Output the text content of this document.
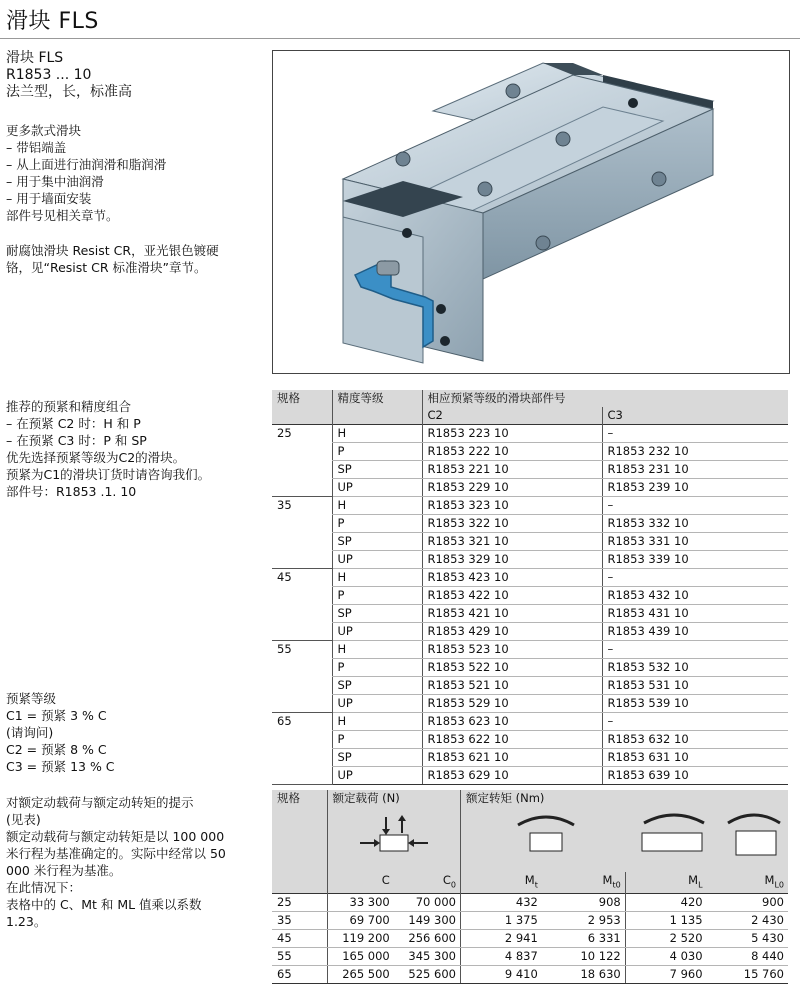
滑块 FLS
滑块 FLS
R1853 ... 10
法兰型，长，标准高
更多款式滑块
– 带铝端盖
– 从上面进行油润滑和脂润滑
– 用于集中油润滑
– 用于墙面安装
部件号见相关章节。
耐腐蚀滑块 Resist CR，亚光银色镀硬
铬，见“Resist CR 标准滑块”章节。
推荐的预紧和精度组合
– 在预紧 C2 时：H 和 P
– 在预紧 C3 时：P 和 SP
优先选择预紧等级为C2的滑块。
预紧为C1的滑块订货时请咨询我们。
部件号：R1853 .1. 10
预紧等级
C1 = 预紧 3 % C
(请询问)
C2 = 预紧 8 % C
C3 = 预紧 13 % C
对额定动载荷与额定动转矩的提示
(见表)
额定动载荷与额定动转矩是以 100 000
米行程为基准确定的。实际中经常以 50
000 米行程为基准。
在此情况下：
表格中的 C、Mt 和 ML 值乘以系数
1.23。
规格	精度等级	相应预紧等级的滑块部件号	
		C2	C3
25	H	R1853 223 10	–
	P	R1853 222 10	R1853 232 10
	SP	R1853 221 10	R1853 231 10
	UP	R1853 229 10	R1853 239 10
35	H	R1853 323 10	–
	P	R1853 322 10	R1853 332 10
	SP	R1853 321 10	R1853 331 10
	UP	R1853 329 10	R1853 339 10
45	H	R1853 423 10	–
	P	R1853 422 10	R1853 432 10
	SP	R1853 421 10	R1853 431 10
	UP	R1853 429 10	R1853 439 10
55	H	R1853 523 10	–
	P	R1853 522 10	R1853 532 10
	SP	R1853 521 10	R1853 531 10
	UP	R1853 529 10	R1853 539 10
65	H	R1853 623 10	–
	P	R1853 622 10	R1853 632 10
	SP	R1853 621 10	R1853 631 10
	UP	R1853 629 10	R1853 639 10
规格	额定载荷 (N)		额定转矩 (Nm)			

	C	$C_0$	$M_t$	$M_{t0}$	$M_L$	$M_{L0}$
25	33 300	70 000	432	908	420	900
35	69 700	149 300	1 375	2 953	1 135	2 430
45	119 200	256 600	2 941	6 331	2 520	5 430
55	165 000	345 300	4 837	10 122	4 030	8 440
65	265 500	525 600	9 410	18 630	7 960	15 760
